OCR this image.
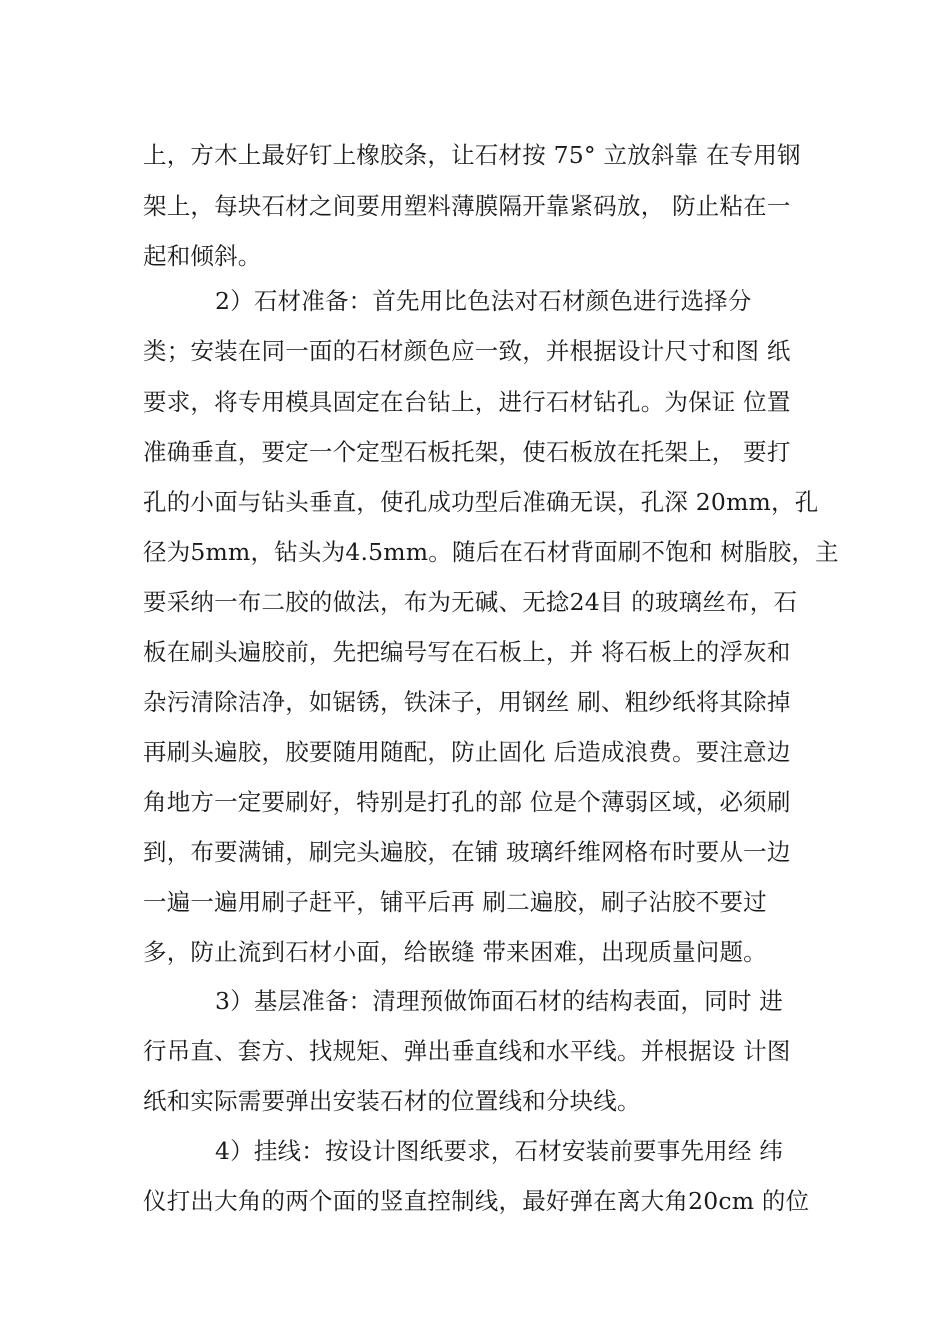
上，方木上最好钉上橡胶条，让石材按 75° 立放斜靠 在专用钢
架上，每块石材之间要用塑料薄膜隔开靠紧码放， 防止粘在一
起和倾斜。
2）石材准备：首先用比色法对石材颜色进行选择分
类；安装在同一面的石材颜色应一致，并根据设计尺寸和图 纸
要求，将专用模具固定在台钻上，进行石材钻孔。为保证 位置
准确垂直，要定一个定型石板托架，使石板放在托架上， 要打
孔的小面与钻头垂直，使孔成功型后准确无误，孔深 20mm，孔
径为5mm，钻头为4.5mm。随后在石材背面刷不饱和 树脂胶，主
要采纳一布二胶的做法，布为无碱、无捻24目 的玻璃丝布，石
板在刷头遍胶前，先把编号写在石板上，并 将石板上的浮灰和
杂污清除洁净，如锯锈，铁沫子，用钢丝 刷、粗纱纸将其除掉
再刷头遍胶，胶要随用随配，防止固化 后造成浪费。要注意边
角地方一定要刷好，特别是打孔的部 位是个薄弱区域，必须刷
到，布要满铺，刷完头遍胶，在铺 玻璃纤维网格布时要从一边
一遍一遍用刷子赶平，铺平后再 刷二遍胶，刷子沾胶不要过
多，防止流到石材小面，给嵌缝 带来困难，出现质量问题。
3）基层准备：清理预做饰面石材的结构表面，同时 进
行吊直、套方、找规矩、弹出垂直线和水平线。并根据设 计图
纸和实际需要弹出安装石材的位置线和分块线。
4）挂线：按设计图纸要求，石材安装前要事先用经 纬
仪打出大角的两个面的竖直控制线，最好弹在离大角20cm 的位
